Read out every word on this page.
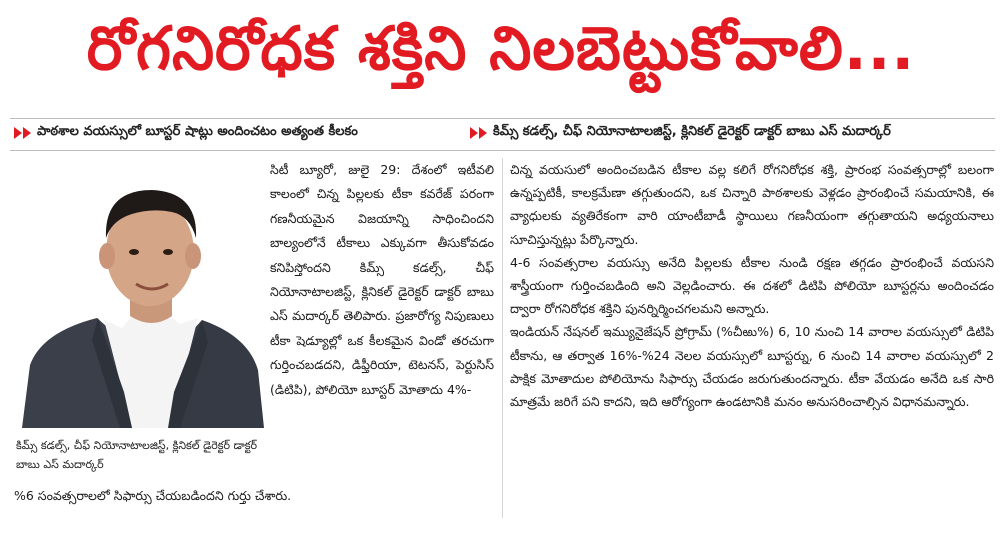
రోగనిరోధక శక్తిని నిలబెట్టుకోవాలి...
పాఠశాల వయస్సులో బూస్టర్ షాట్లు అందించటం అత్యంత కీలకం	కిమ్స్ కడల్స్, చీఫ్ నియోనాటాలజిస్ట్, క్లినికల్ డైరెక్టర్ డాక్టర్ బాబు ఎస్ మదార్కర్
కిమ్స్ కడల్స్, చీఫ్ నియోనాటాలజిస్ట్, క్లినికల్ డైరెక్టర్ డాక్టర్ బాబు ఎస్ మదార్కర్
సిటీ బ్యూరో, జులై 29: దేశంలో ఇటీవలి కాలంలో చిన్న పిల్లలకు టీకా కవరేజ్ పరంగా గణనీయమైన విజయాన్ని సాధించిందని బాల్యంలోనే టీకాలు ఎక్కువగా తీసుకోవడం కనిపిస్తోందని కిమ్స్ కడల్స్, చీఫ్ నియోనాటాలజిస్ట్, క్లినికల్ డైరెక్టర్ డాక్టర్ బాబు ఎస్ మదార్కర్ తెలిపారు. ప్రజారోగ్య నిపుణులు టీకా షెడ్యూల్లో ఒక కీలకమైన విండో తరచుగా గుర్తించబడదని, డిఫ్తీరియా, టెటనస్, పెర్టుసిస్ (డిటిపి), పోలియో బూస్టర్ మోతాదు 4%-
%6 సంవత్సరాలలో సిఫార్సు చేయబడిందని గుర్తు చేశారు.

చిన్న వయసులో అందించబడిన టీకాల వల్ల కలిగే రోగనిరోధక శక్తి, ప్రారంభ సంవత్సరాల్లో బలంగా ఉన్నప్పటికీ, కాలక్రమేణా తగ్గుతుందని, ఒక చిన్నారి పాఠశాలకు వెళ్లడం ప్రారంభించే సమయానికి, ఈ వ్యాధులకు వ్యతిరేకంగా వారి యాంటీబాడీ స్థాయిలు గణనీయంగా తగ్గుతాయని అధ్యయనాలు సూచిస్తున్నట్లు పేర్కొన్నారు.

4-6 సంవత్సరాల వయస్సు అనేది పిల్లలకు టీకాల నుండి రక్షణ తగ్గడం ప్రారంభించే వయసని శాస్త్రీయంగా గుర్తించబడింది అని వెల్లడించారు. ఈ దశలో డిటిపి పోలియో బూస్టర్లను అందించడం ద్వారా రోగనిరోధక శక్తిని పునర్నిర్మించగలమని అన్నారు.

ఇండియన్ నేషనల్ ఇమ్యునైజేషన్ ప్రోగ్రామ్ (%చీఱు%) 6, 10 నుంచి 14 వారాల వయస్సులో డిటిపి టీకాను, ఆ తర్వాత 16%-%24 నెలల వయస్సులో బూస్టర్ను, 6 నుంచి 14 వారాల వయస్సులో 2 పాక్షిక మోతాదుల పోలియోను సిఫార్సు చేయడం జరుగుతుందన్నారు. టీకా వేయడం అనేది ఒక సారి మాత్రమే జరిగే పని కాదని, ఇది ఆరోగ్యంగా ఉండటానికి మనం అనుసరించాల్సిన విధానమన్నారు.
